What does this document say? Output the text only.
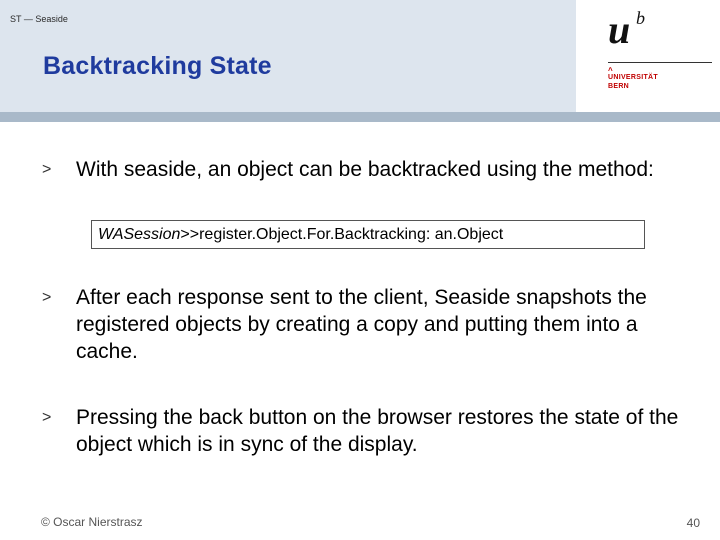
ST — Seaside
Backtracking State
u b
^
UNIVERSITÄT
BERN
> With seaside, an object can be backtracked using the method:
WASession>>register.Object.For.Backtracking: an.Object
> After each response sent to the client, Seaside snapshots the registered objects by creating a copy and putting them into a cache.
> Pressing the back button on the browser restores the state of the object which is in sync of the display.
© Oscar Nierstrasz	40
